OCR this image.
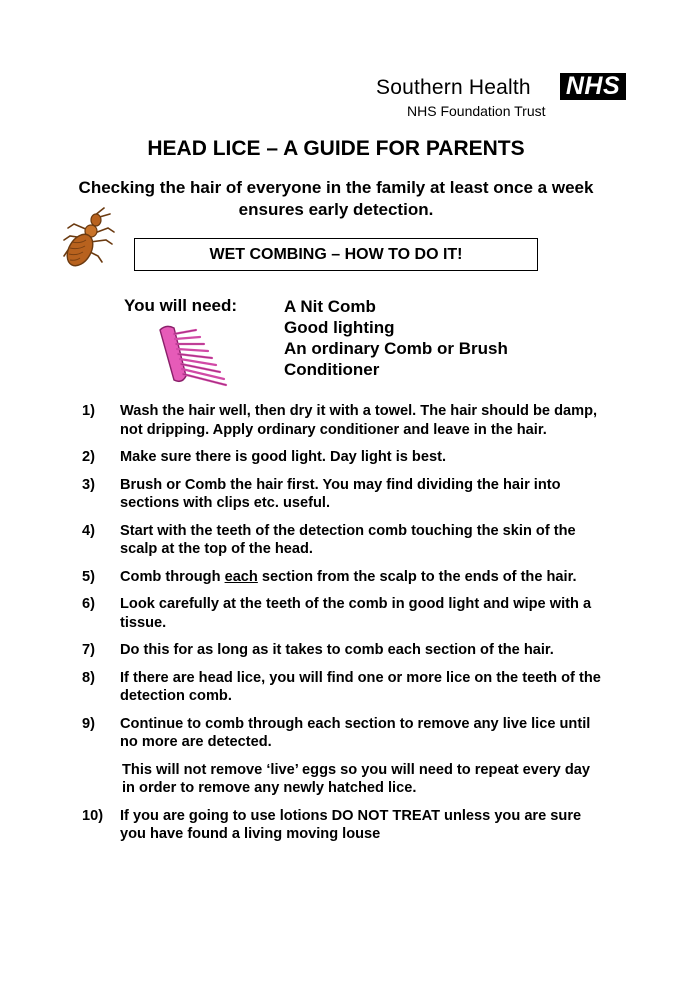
Southern Health NHS
NHS Foundation Trust
HEAD LICE – A GUIDE FOR PARENTS
Checking the hair of everyone in the family at least once a week ensures early detection.
WET COMBING – HOW TO DO IT!
You will need:	A Nit Comb
Good lighting
An ordinary Comb or Brush
Conditioner
1)	Wash the hair well, then dry it with a towel. The hair should be damp, not dripping. Apply ordinary conditioner and leave in the hair.
2)	Make sure there is good light. Day light is best.
3)	Brush or Comb the hair first. You may find dividing the hair into sections with clips etc. useful.
4)	Start with the teeth of the detection comb touching the skin of the scalp at the top of the head.
5)	Comb through each section from the scalp to the ends of the hair.
6)	Look carefully at the teeth of the comb in good light and wipe with a tissue.
7)	Do this for as long as it takes to comb each section of the hair.
8)	If there are head lice, you will find one or more lice on the teeth of the detection comb.
9)	Continue to comb through each section to remove any live lice until no more are detected.
This will not remove ‘live’ eggs so you will need to repeat every day in order to remove any newly hatched lice.
10)	If you are going to use lotions DO NOT TREAT unless you are sure you have found a living moving louse
